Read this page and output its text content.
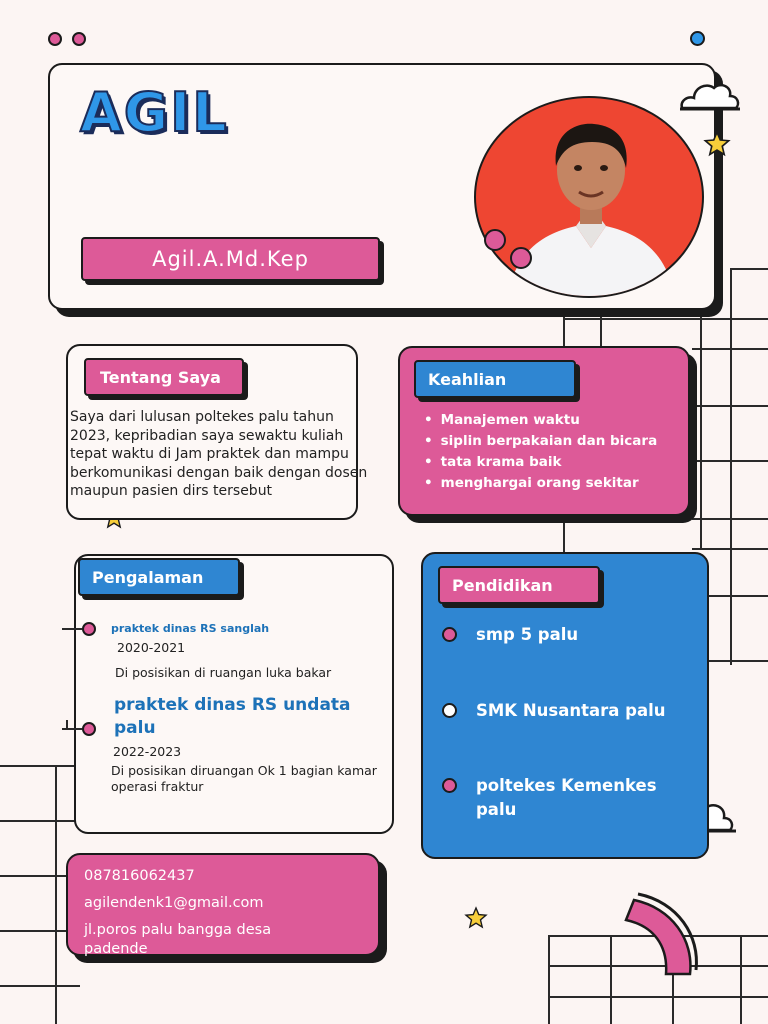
AGIL
Agil.A.Md.Kep
Tentang Saya
Saya dari lulusan poltekes palu tahun 2023, kepribadian saya sewaktu kuliah tepat waktu di Jam praktek dan mampu berkomunikasi dengan baik dengan dosen maupun pasien dirs tersebut
Keahlian
• Manajemen waktu
• siplin berpakaian dan bicara
• tata krama baik
• menghargai orang sekitar
Pengalaman
praktek dinas RS sanglah
2020-2021
Di posisikan di ruangan luka bakar
praktek dinas RS undata palu
2022-2023
Di posisikan diruangan Ok 1 bagian kamar operasi fraktur
Pendidikan
smp 5 palu
SMK Nusantara palu
poltekes Kemenkes palu
087816062437
agilendenk1@gmail.com
jl.poros palu bangga desa padende
